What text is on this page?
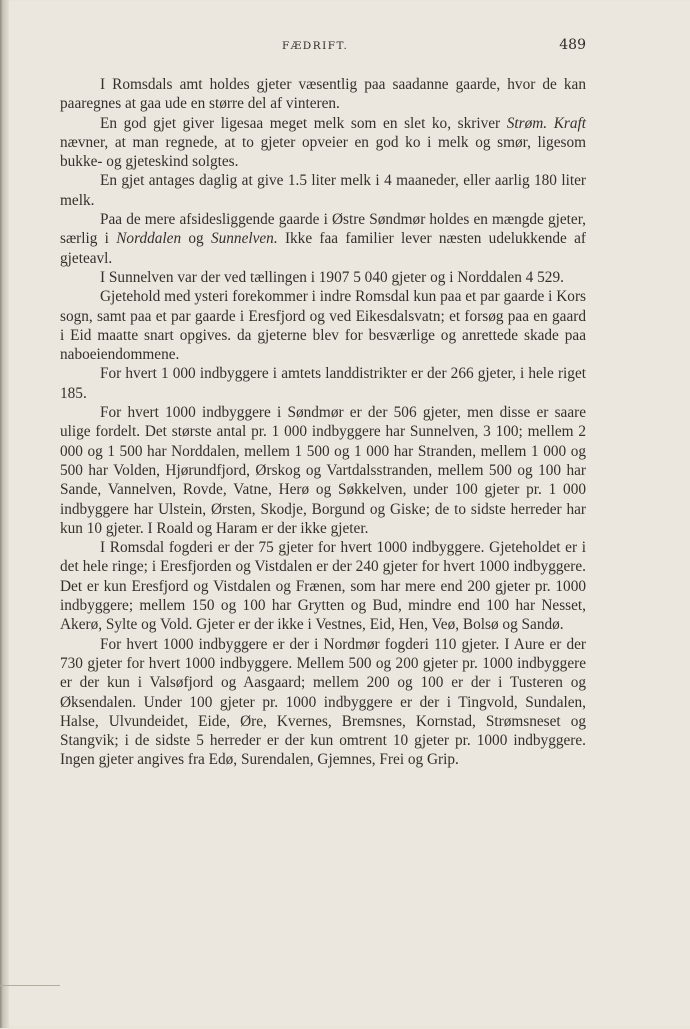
FÆDRIFT.	489

I Romsdals amt holdes gjeter væsentlig paa saadanne gaarde, hvor de kan paaregnes at gaa ude en større del af vinteren.

En god gjet giver ligesaa meget melk som en slet ko, skriver Strøm. Kraft nævner, at man regnede, at to gjeter opveier en god ko i melk og smør, ligesom bukke- og gjeteskind solgtes.

En gjet antages daglig at give 1.5 liter melk i 4 maaneder, eller aarlig 180 liter melk.

Paa de mere afsidesliggende gaarde i Østre Søndmør holdes en mængde gjeter, særlig i Norddalen og Sunnelven. Ikke faa familier lever næsten udelukkende af gjeteavl.

I Sunnelven var der ved tællingen i 1907 5 040 gjeter og i Norddalen 4 529.

Gjetehold med ysteri forekommer i indre Romsdal kun paa et par gaarde i Kors sogn, samt paa et par gaarde i Eresfjord og ved Eikesdalsvatn; et forsøg paa en gaard i Eid maatte snart opgives. da gjeterne blev for besværlige og anrettede skade paa naboeiendommene.

For hvert 1 000 indbyggere i amtets landdistrikter er der 266 gjeter, i hele riget 185.

For hvert 1000 indbyggere i Søndmør er der 506 gjeter, men disse er saare ulige fordelt. Det største antal pr. 1 000 indbyggere har Sunnelven, 3 100; mellem 2 000 og 1 500 har Norddalen, mellem 1 500 og 1 000 har Stranden, mellem 1 000 og 500 har Volden, Hjørundfjord, Ørskog og Vartdalsstranden, mellem 500 og 100 har Sande, Vannelven, Rovde, Vatne, Herø og Søkkelven, under 100 gjeter pr. 1 000 indbyggere har Ulstein, Ørsten, Skodje, Borgund og Giske; de to sidste herreder har kun 10 gjeter. I Roald og Haram er der ikke gjeter.

I Romsdal fogderi er der 75 gjeter for hvert 1000 indbyggere. Gjeteholdet er i det hele ringe; i Eresfjorden og Vistdalen er der 240 gjeter for hvert 1000 indbyggere. Det er kun Eresfjord og Vistdalen og Frænen, som har mere end 200 gjeter pr. 1000 indbyggere; mellem 150 og 100 har Grytten og Bud, mindre end 100 har Nesset, Akerø, Sylte og Vold. Gjeter er der ikke i Vestnes, Eid, Hen, Veø, Bolsø og Sandø.

For hvert 1000 indbyggere er der i Nordmør fogderi 110 gjeter. I Aure er der 730 gjeter for hvert 1000 indbyggere. Mellem 500 og 200 gjeter pr. 1000 indbyggere er der kun i Valsøfjord og Aasgaard; mellem 200 og 100 er der i Tusteren og Øksendalen. Under 100 gjeter pr. 1000 indbyggere er der i Tingvold, Sundalen, Halse, Ulvundeidet, Eide, Øre, Kvernes, Bremsnes, Kornstad, Strømsneset og Stangvik; i de sidste 5 herreder er der kun omtrent 10 gjeter pr. 1000 indbyggere. Ingen gjeter angives fra Edø, Surendalen, Gjemnes, Frei og Grip.
